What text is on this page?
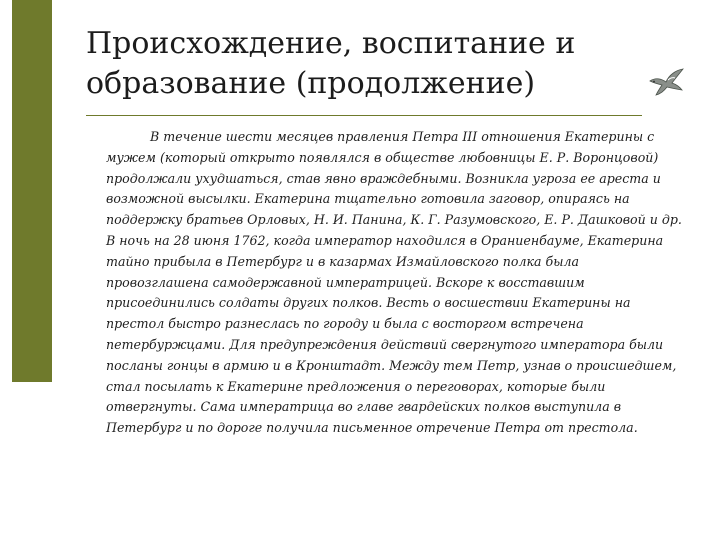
Происхождение, воспитание и образование (продолжение)

В течение шести месяцев правления Петра III отношения Екатерины с мужем (который открыто появлялся в обществе любовницы Е. Р. Воронцовой) продолжали ухудшаться, став явно враждебными. Возникла угроза ее ареста и возможной высылки. Екатерина тщательно готовила заговор, опираясь на поддержку братьев Орловых, Н. И. Панина, К. Г. Разумовского, Е. Р. Дашковой и др. В ночь на 28 июня 1762, когда император находился в Ораниенбауме, Екатерина тайно прибыла в Петербург и в казармах Измайловского полка была провозглашена самодержавной императрицей. Вскоре к восставшим присоединились солдаты других полков. Весть о восшествии Екатерины на престол быстро разнеслась по городу и была с восторгом встречена петербуржцами. Для предупреждения действий свергнутого императора были посланы гонцы в армию и в Кронштадт. Между тем Петр, узнав о происшедшем, стал посылать к Екатерине предложения о переговорах, которые были отвергнуты. Сама императрица во главе гвардейских полков выступила в Петербург и по дороге получила письменное отречение Петра от престола.
